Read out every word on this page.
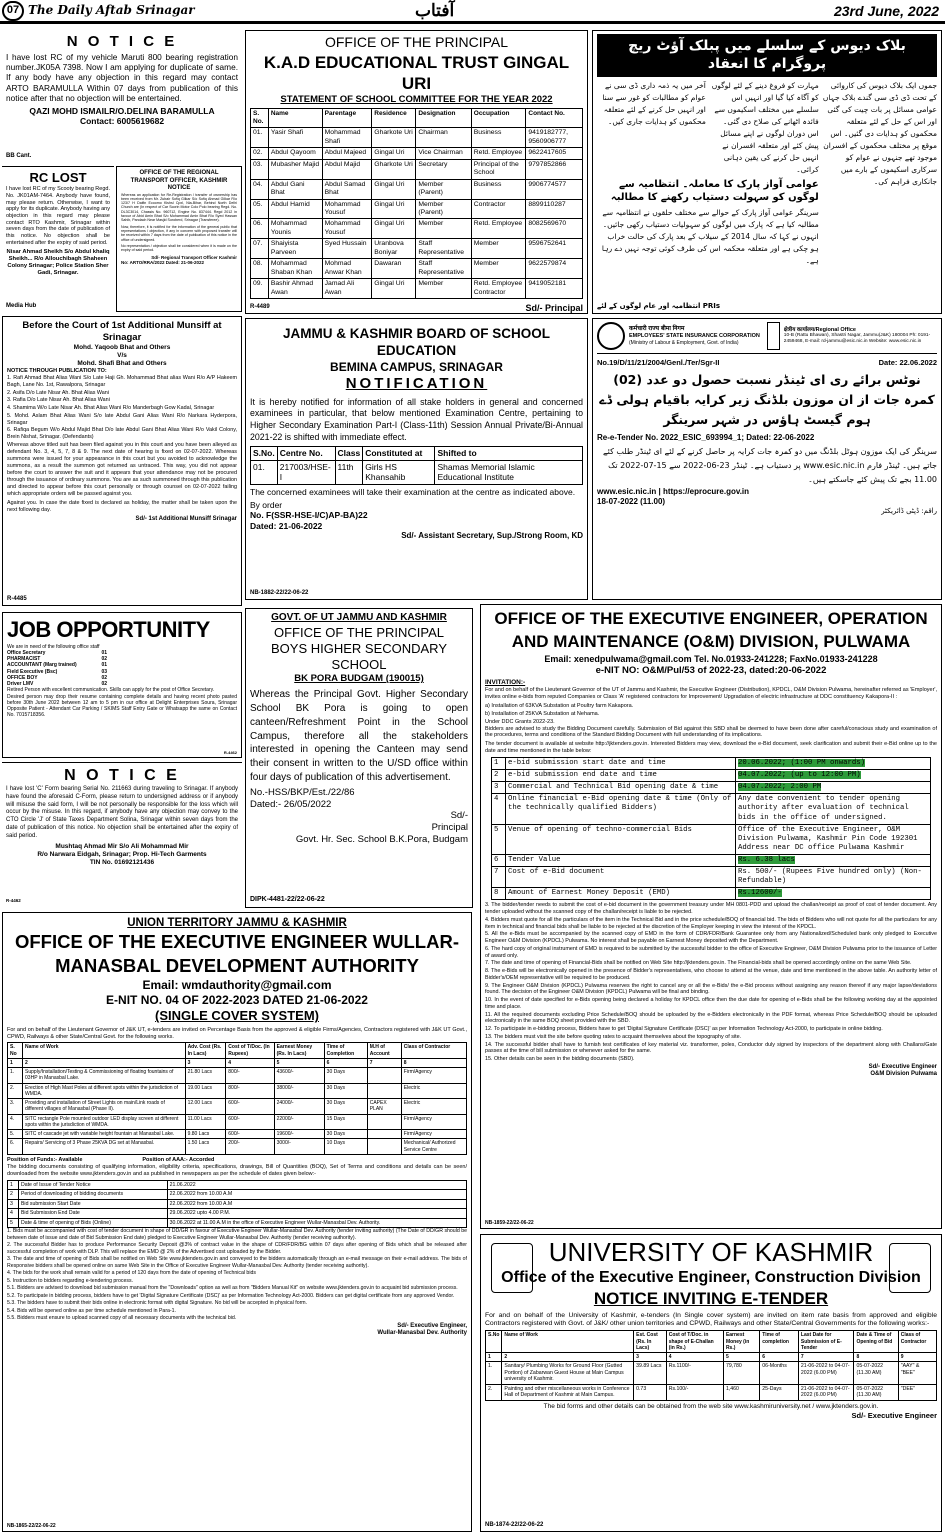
07 The Daily Aftab Srinagar	آفتاب	23rd June, 2022
N O T I C E

I have lost RC of my vehicle Maruti 800 bearing registration number.JK05A 7398. Now I am applying for duplicate of same. If any body have any objection in this regard may contact ARTO BARAMULLA Within 07 days from publication of this notice after that no objection will be entertained.

QAZI MOHD ISMAILR/O.DELINA BARAMULLA
Contact: 6005619682
BB Cant.
RC LOST

I have lost RC of my Scooty bearing Regd. No. JK01AM-7464. Anybody have found, may please return. Otherwise, I want to apply for its duplicate. Anybody having any objection in this regard may please contact RTO Kashmir, Srinagar within seven days from the date of publication of this notice. No objection shall be entertained after the expiry of said period.

Nisar Ahmad Sheikh S/o Abdul khaliq Sheikh... R/o Allouchibagh Shaheen Colony Srinagar; Police Station Sher Gadi, Srinagar.
Media Hub
OFFICE OF THE REGIONAL TRANSPORT OFFICER, KASHMIR NOTICE

Whereas an application for Re-Registration / transfer of ownership has been received from Mr. Zubair Sofiq Gilkar S/o Sofiq Ahmad Gilkar R/o 123/7 H Daifin Ecoomo Kishsl Cpxl, Nia-Bihar, Behind North Delhi Church are (In respect of Car Scorin Motor Colo Polo bearing Regd. No. DL3C3014, Chassis No. 960712, Engine No. 837444. Regd 2012 in favour of Abid Amin Bhat S/o Mohammad Amin Bhat R/o Syed Hassan Sahib, Pandach Near Masjid Soroberd, Srinagar (Transferee).

Now, therefore, it is notified for the information of the general public that representations / objection, if any in concern with proposed transfer will be received within 7 days from the date of publication of this notice in the office of undersigned.

No representation / objection shall be considered when it is made on the expiry of said period.

Sd/- Regional Transport Officer Kashmir
No: ARTO/RRA/2022 Dated: 21-06-2022
OFFICE OF THE PRINCIPAL
K.A.D EDUCATIONAL TRUST GINGAL URI
STATEMENT OF SCHOOL COMMITTEE FOR THE YEAR 2022
S. No.	Name	Parentage	Residence	Designation	Occupation	Contact No.
01.	Yasir Shafi	Mohammad Shafi	Gharkote Uri	Chairman	Business	9419182777, 9560906777
02.	Abdul Qayoom	Abdul Majeed	Gingal Uri	Vice Chairman	Retd. Employee	9622417605
03.	Mubasher Majid	Abdul Majid	Gharkote Uri	Secretary	Principal of the School	9797852866
04.	Abdul Gani Bhat	Abdul Samad Bhat	Gingal Uri	Member (Parent)	Business	9906774577
05.	Abdul Hamid	Mohammad Yousuf	Gingal Uri	Member (Parent)	Contractor	8899110287
06.	Mohammad Younis	Mohammad Yousuf	Gingal Uri	Member	Retd. Employee	8082569670
07.	Shaiyista Parveen	Syed Hussain	Uranbova Boniyar	Staff Representative	Member	9596752641
08.	Mohammad Shaban Khan	Mohmad Anwar Khan	Dawaran	Staff Representative	Member	9622579874
09.	Bashir Ahmad Awan	Jamad Ali Awan	Gingal Uri	Member	Retd. Employee Contractor	9419052181
Sd/- Principal
R-4489
بلاک دیوس کے سلسلے میں پبلک آؤٹ ریچ پروگرام کا انعقاد
جموں ایک بلاک دیوس کی کاروائی کے تحت ڈی ڈی سی گندے بلاک جہاں عوامی مسائل پر بات چیت کی گئی اور اس کے حل کے لئے متعلقہ محکموں کو ہدایات دی گئیں۔ اس موقع پر مختلف محکموں کے افسران موجود تھے جنہوں نے عوام کو سرکاری اسکیموں کے بارے میں جانکاری فراہم کی۔
مہارت کو فروغ دینے کے لئے لوگوں کو آگاہ کیا گیا اور انہیں اس سلسلے میں مختلف اسکیموں سے فائدہ اٹھانے کی صلاح دی گئی۔ اس دوران لوگوں نے اپنے مسائل پیش کئے اور متعلقہ افسران نے انہیں حل کرنے کی یقین دہانی کرائی۔
آخر میں یہ ذمہ داری ڈی سی نے عوام کو مطالبات کو غور سے سنا اور انہیں حل کرنے کے لئے متعلقہ محکموں کو ہدایات جاری کیں۔
عوامی آواز پارک کا معاملہ۔ انتظامیہ سے لوگوں کو سہولت دستیاب رکھنے کا مطالبہ
سرینگر عوامی آواز پارک کے حوالے سے مختلف حلقوں نے انتظامیہ سے مطالبہ کیا ہے کہ پارک میں لوگوں کو سہولیات دستیاب رکھی جائیں۔ انہوں نے کہا کہ سال 2014 کے سیلاب کے بعد پارک کی حالت خراب ہو چکی ہے اور متعلقہ محکمہ اس کی طرف کوئی توجہ نہیں دے رہا ہے۔
PRIs انتظامیہ اور عام لوگوں کے لئے
Before the Court of 1st Additional Munsiff at Srinagar
Mohd. Yaqoob Bhat and Others
V/s
Mohd. Shafi Bhat and Others
NOTICE THROUGH PUBLICATION TO:
1. Rafi Ahmad Bhat Alias Wani S/o Late Haji Gh. Mohammad Bhat alias Wani R/o A/P Hakeem Bagh, Lane No. 1st, Rawalpora, Srinagar
2. Asifa D/o Late Nisar Ah. Bhat Alias Wani
3. Rafia D/o Late Nisar Ah. Bhat Alias Wani
4. Shamima W/o Late Nisar Ah. Bhat Alias Wani R/o Manderbagh Gow Kadal, Srinagar
5. Mohd. Aslam Bhat Alias Wani S/o late Abdul Gani Alias Wani R/o Narkara Hyderpora, Srinagar
6. Rafiqa Begum W/o Abdul Majid Bhat D/o late Abdul Gani Bhat Alias Wani R/o Vakil Colony, Brein Nishat, Srinagar. (Defendants)

Whereas above titled suit has been filed against you in this court and you have been alleyed as defendant No. 3, 4, 5, 7, 8 & 9. The next date of hearing is fixed on 02-07-2022. Whereas summons were issued for your appearance in this court but you avoided to acknowledge the summons, as a result the summon got returned as untraced. This way, you did not appear before the court to answer the suit and it appears that your attendance may not be procured through the issuance of ordinary summons. You are as such summoned through this publication and directed to appear before this court personally or through counsel on 02-07-2022 failing which appropriate orders will be passed against you.

Against you. In case the date fixed is declared as holiday, the matter shall be taken upon the next following day.

Sd/- 1st Additional Munsiff Srinagar
R-4485
JAMMU & KASHMIR BOARD OF SCHOOL EDUCATION
BEMINA CAMPUS, SRINAGAR
NOTIFICATION

It is hereby notified for information of all stake holders in general and concerned examinees in particular, that below mentioned Examination Centre, pertaining to Higher Secondary Examination Part-I (Class-11th) Session Annual Private/Bi-Annual 2021-22 is shifted with immediate effect.

S.No.	Centre No.	Class	Constituted at	Shifted to
01.	217003/HSE-I	11th	Girls HS Khansahib	Shamas Memorial Islamic Educational Institute

The concerned examinees will take their examination at the centre as indicated above.

By order
No. F(SSR-HSE-I/C)AP-BA)22
Dated: 21-06-2022
Sd/- Assistant Secretary, Sup./Strong Room, KD
NB-1882-22/22-06-22
कर्मचारी राज्य बीमा निगम
EMPLOYEES' STATE INSURANCE CORPORATION
(Ministry of Labour & Employment, Govt. of India)
क्षेत्रीय कार्यालय/Regional Office
10-B (Rattu Bhawan), Shastri Nagar, Jammu(J&K) 180004 Ph: 0191-2459468, E-mail: rd-jammu@esic.nic.in Website: www.esic.nic.in
No.19/D/11/21/2004/Genl./Ter/Sgr-II	Date: 22.06.2022
نوٹس برائے ری ای ٹینڈر نسبت حصول دو عدد (02) کمرہ جات از ان موزون بلڈنگ زیر کرایہ باقیام ہولی ڈے ہوم گیسٹ ہاؤس در شہر سرینگر
Re-e-Tender No. 2022_ESIC_693994_1; Dated: 22-06-2022
سرینگر کی ایک موزون ہوٹل بلڈنگ میں دو کمرہ جات کرایہ پر حاصل کرنے کے لئے ای ٹینڈر طلب کئے جاتے ہیں۔ ٹینڈر فارم www.esic.nic.in پر دستیاب ہے۔ ٹینڈر 23-06-2022 سے 15-07-2022 تک 11.00 بجے تک پیش کئے جاسکتے ہیں۔
www.esic.nic.in | https://eprocure.gov.in
18-07-2022 (11.00)
راقم: ڈپٹی ڈائریکٹر
JOB OPPORTUNITY
We are in need of the following office staff
Office Secretary	01
PHARMACIST	02
ACCOUNTANT (Marg trained)	01
Field Executive (Bsc)	03
OFFICE BOY	02
Driver LMV	02
Retired Person with excellent communication. Skills can apply for the post of Office Secretary.

Desired person may drop their resume containing complete details and having recent photo pasted before 30th June 2022 between 12 am to 5 pm in our office at Delight Enterprises Soura, Srinagar Opposite Patient - Attendant Car Parking / SKIMS Staff Entry Gate or Whatsapp the same on Contact No. 7015718356.

R-4462
N O T I C E

I have lost 'C' Form bearing Serial No. 211663 during traveling to Srinagar. If anybody have found the aforesaid C-Form, please return to undersigned address or if anybody will misuse the said form, I will be not personally be responsible for the loss which will occur by the misuse. In this regard, if anybody have any objection may convey to the CTO Circle 'J' of State Taxes Department Solina, Srinagar within seven days from the date of publication of this notice. No objection shall be entertained after the expiry of said period.

Mushtaq Ahmad Mir S/o Ali Mohammad Mir
R/o Narwara Eidgah, Srinagar; Prop. Hi-Tech Garments
TIN No. 01692121436
R-4462
GOVT. OF UT JAMMU AND KASHMIR
OFFICE OF THE PRINCIPAL
BOYS HIGHER SECONDARY SCHOOL
BK PORA BUDGAM (190015)

Whereas the Principal Govt. Higher Secondary School BK Pora is going to open canteen/Refreshment Point in the School Campus, therefore all the stakeholders interested in opening the Canteen may send their consent in written to the U/SD office within four days of publication of this advertisement.

No.-HSS/BKP/Est./22/86
Dated:- 26/05/2022
Sd/-
Principal
Govt. Hr. Sec. School B.K.Pora, Budgam
DIPK-4481-22/22-06-22
OFFICE OF THE EXECUTIVE ENGINEER, OPERATION AND MAINTENANCE (O&M) DIVISION, PULWAMA
Email: xenedpulwama@gmail.com Tel. No.01933-241228; FaxNo.01933-241228
e-NIT NO: O&M/Pul/53 of 2022-23, dated:20-06-2022
INVITATION:-

For and on behalf of the Lieutenant Governor of the UT of Jammu and Kashmir, the Executive Engineer (Distribution), KPDCL, O&M Division Pulwama, hereinafter referred as 'Employer', invites online e-bids from reputed Companies or Class 'A' registered contractors for Improvement/ Upgradation of electric infrastructure at DDC constituency Kakapora-II :

a) Installation of 63KVA Substation at Poultry farm Kakapora.
b) Installation of 25KVA Substation at Nehama.
Under DDC Grants 2022-23.

Bidders are advised to study the Bidding Document carefully. Submission of Bid against this SBD shall be deemed to have been done after careful/conscious study and examination of the procedures, terms and conditions of the Standard Bidding Document with full understanding of its implications.

The tender document is available at website http://jktenders.gov.in. Interested Bidders may view, download the e-Bid document, seek clarification and submit their e-Bid online up to the date and time mentioned in the table below:

1	e-bid submission start date and time	20.06.2022; (1:00 PM onwards)
2	e-bid submission end date and time	04.07.2022; (up to 12:00 PM)
3	Commercial and Technical Bid opening date & time	04.07.2022; 2:00 PM
4	Online financial e-Bid opening date & time (Only of the technically qualified Bidders)	Any date convenient to tender opening authority after evaluation of technical bids in the office of undersigned.
5	Venue of opening of techno-commercial Bids	Office of the Executive Engineer, O&M Division Pulwama, Kashmir Pin Code 192301 Address near DC office Pulwama Kashmir
6	Tender Value	Rs. 6.38 lacs
7	Cost of e-Bid document	Rs. 500/- (Rupees Five hundred only) (Non-Refundable)
8	Amount of Earnest Money Deposit (EMD)	Rs.12600/-
3. The bidder/tender needs to submit the cost of e-bid document in the government treasury under MH 0801-PDD and upload the challan/receipt as proof of cost of tender document. Any tender uploaded without the scanned copy of the challan/receipt is liable to be rejected.
4. Bidders must quote for all the particulars of the item in the Technical Bid and in the price schedule/BOQ of financial bid. The bids of Bidders who will not quote for all the particulars for any item in technical and financial bids shall be liable to be rejected at the discretion of the Employer keeping in view the interest of the KPDCL.
5. All the e-Bids must be accompanied by the scanned copy of EMD in the form of CDR/FDR/Bank Guarantee only from any Nationalized/Scheduled bank only pledged to Executive Engineer O&M Division (KPDCL) Pulwama. No interest shall be payable on Earnest Money deposited with the Department.
6. The hard copy of original instrument of EMD is required to be submitted by the successful bidder to the office of Executive Engineer, O&M Division Pulwama prior to the issuance of Letter of award only.
7. The date and time of opening of Financial-Bids shall be notified on Web Site http://jktenders.gov.in. The Financial-bids shall be opened accordingly online on the same Web Site.
8. The e-Bids will be electronically opened in the presence of Bidder's representatives, who choose to attend at the venue, date and time mentioned in the above table. An authority letter of Bidder's/OEM representative will be required to be produced.
9. The Engineer O&M Division (KPDCL) Pulwama reserves the right to cancel any or all the e-Bids/ the e-Bid process without assigning any reason thereof if any major lapse/deviations found. The decision of the Engineer O&M Division (KPDCL) Pulwama will be final and binding.
10. In the event of date specified for e-Bids opening being declared a holiday for KPDCL office then the due date for opening of e-Bids shall be the following working day at the appointed time and place.
11. All the required documents excluding Price Schedule/BOQ should be uploaded by the e-Bidders electronically in the PDF format, whereas Price Schedule/BOQ should be uploaded electronically in the same BOQ sheet provided with the SBD.
12. To participate in e-bidding process, Bidders have to get 'Digital Signature Certificate (DSC)' as per Information Technology Act-2000, to participate in online bidding.
13. The bidders must visit the site before quoting rates to acquaint themselves about the topography of site.
14. The successful bidder shall have to furnish test certificates of key material viz. transformer, poles, Conductor duly signed by inspectors of the department along with Challans/Gate passes at the time of bill submission or whenever asked for the same.
15. Other details can be seen in the bidding documents (SBD).
Sd/- Executive Engineer
O&M Division Pulwama
NB-1859-22/22-06-22
UNION TERRITORY JAMMU & KASHMIR
OFFICE OF THE EXECUTIVE ENGINEER WULLAR-MANASBAL DEVELOPMENT AUTHORITY
Email: wmdauthority@gmail.com
E-NIT NO. 04 OF 2022-2023 DATED 21-06-2022
(SINGLE COVER SYSTEM)

For and on behalf of the Lieutenant Governor of J&K UT, e-tenders are invited on Percentage Basis from the approved & eligible Firms/Agencies, Contractors registered with J&K UT Govt., CPWD, Railways & other State/Central Govt. for the following works.

S. No	Name of Work	Adv. Cost (Rs. In Lacs)	Cost of T/Doc. (In Rupees)	Earnest Money (Rs. In Lacs)	Time of Completion	M.H of Account	Class of Contractor
1	2	3	4	5	6	7	8
1.	Supply/Installation/Testing & Commissioning of floating fountains of 03HP in Manasbal Lake.	21.80 Lacs	800/-	43600/-	30 Days		Firm/Agency
2.	Erection of High Mast Poles at different spots within the jurisdiction of WMDA.	19.00 Lacs	800/-	38000/-	30 Days		Electric
3.	Providing and installation of Street Lights on main/Link roads of different villages of Manasbal (Phase II).	12.00 Lacs	600/-	24000/-	30 Days	CAPEX PLAN	Electric
4.	SITC rectangle Pole mounted outdoor LED display screen at different spots within the jurisdiction of WMDA.	11.00 Lacs	600/-	22000/-	15 Days		Firm/Agency
5.	SITC of cascade jet with variable height fountain at Manasbal Lake.	9.80 Lacs	600/-	19600/-	30 Days		Firm/Agency
6.	Repairs/ Servicing of 3 Phase 25KVA DG set at Manasbal.	1.50 Lacs	200/-	3000/-	10 Days		Mechanical/ Authorized Service Centre
Position of Funds:- Available	Position of AAA:- Accorded

The bidding documents consisting of qualifying information, eligibility criteria, specifications, drawings, Bill of Quantities (BOQ), Set of Terms and conditions and details can be seen/ downloaded from the website www.jktenders.gov.in and as published in newspapers as per the schedule of dates given below:-

1	Date of Issue of Tender Notice	21.06.2022
2	Period of downloading of bidding documents	22.06.2022 from 10.00 A.M
3	Bid submission Start Date	22.06.2022 from 10.00 A.M
4	Bid Submission End Date	29.06.2022 upto 4.00 P.M.
5	Date & time of opening of Bids (Online)	30.06.2022 at 11.00 A.M in the office of Executive Engineer Wullar-Manasbal Dev. Authority.
1. Bids must be accompanied with cost of tender document in shape of DD/GR in favour of Executive Engineer Wullar-Manasbal Dev. Authority (tender inviting authority) (The Date of DD/GR should be between date of issue and date of Bid Submission End date) pledged to Executive Engineer Wullar-Manasbal Dev. Authority (tender receiving authority).
2. The successful Bidder has to produce Performance Security Deposit @3% of contract value in the shape of CDR/FDR/BG within 07 days after opening of Bids which shall be released after successful completion of work with DLP. This will replace the EMD @ 2% of the Advertised cost uploaded by the Bidder.
3. The date and time of opening of Bids shall be notified on Web Site www.jktenders.gov.in and conveyed to the bidders automatically through an e-mail message on their e-mail address. The bids of Responsive bidders shall be opened online on same Web Site in the Office of Executive Engineer Wullar-Manasbal Dev. Authority (tender receiving authority).
4. The bids for the work shall remain valid for a period of 120 days from the date of opening of Technical bids
5. Instruction to bidders regarding e-tendering process.
5.1. Bidders are advised to download bid submission manual from the "Downloads" option as well as from "Bidders Manual Kit" on website www.jktenders.gov.in to acquaint bid submission process.
5.2. To participate in bidding process, bidders have to get 'Digital Signature Certificate (DSC)' as per Information Technology Act-2000. Bidders can get digital certificate from any approved Vendor.
5.3. The bidders have to submit their bids online in electronic format with digital Signature. No bid will be accepted in physical form.
5.4. Bids will be opened online as per time schedule mentioned in Para-1.
5.5. Bidders must ensure to upload scanned copy of all necessary documents with the technical bid.
Sd/- Executive Engineer,
Wullar-Manasbal Dev. Authority
NB-1865-22/22-06-22
UNIVERSITY OF KASHMIR
Office of the Executive Engineer, Construction Division
NOTICE INVITING E-TENDER

For and on behalf of the University of Kashmir, e-tenders (In Single cover system) are invited on item rate basis from approved and eligible Contractors registered with Govt. of J&K/ other union territories and CPWD, Railways and other State/Central Governments for the following works:-

S.No	Name of Work	Est. Cost (Rs. In Lacs)	Cost of T/Doc. in shape of E-Challan (in Rs.)	Earnest Money (in Rs.)	Time of completion	Last Date for Submission of E-Tender	Date & Time of Opening of Bid	Class of Contractor
1	2	3	4	5	6	7	8	9
1.	Sanitary/ Plumbing Works for Ground Floor (Gutted Portion) of Zabarwan Guest House at Main Campus university of Kashmir.	39.89 Lacs	Rs.1100/-	79,780	06-Months	21-06-2022 to 04-07-2022 (6.00 PM)	05-07-2022 (11.30 AM)	"AAY" & "BEE"
2.	Painting and other miscellaneous works in Conference Hall of Department of Kashmir at Main Campus.	0.73	Rs.100/-	1,460	25-Days	21-06-2022 to 04-07-2022 (6.00 PM)	05-07-2022 (11.30 AM)	"DEE"
The bid forms and other details can be obtained from the web site www.kashmiruniversity.net / www.jktenders.gov.in.
Sd/- Executive Engineer
NB-1874-22/22-06-22
